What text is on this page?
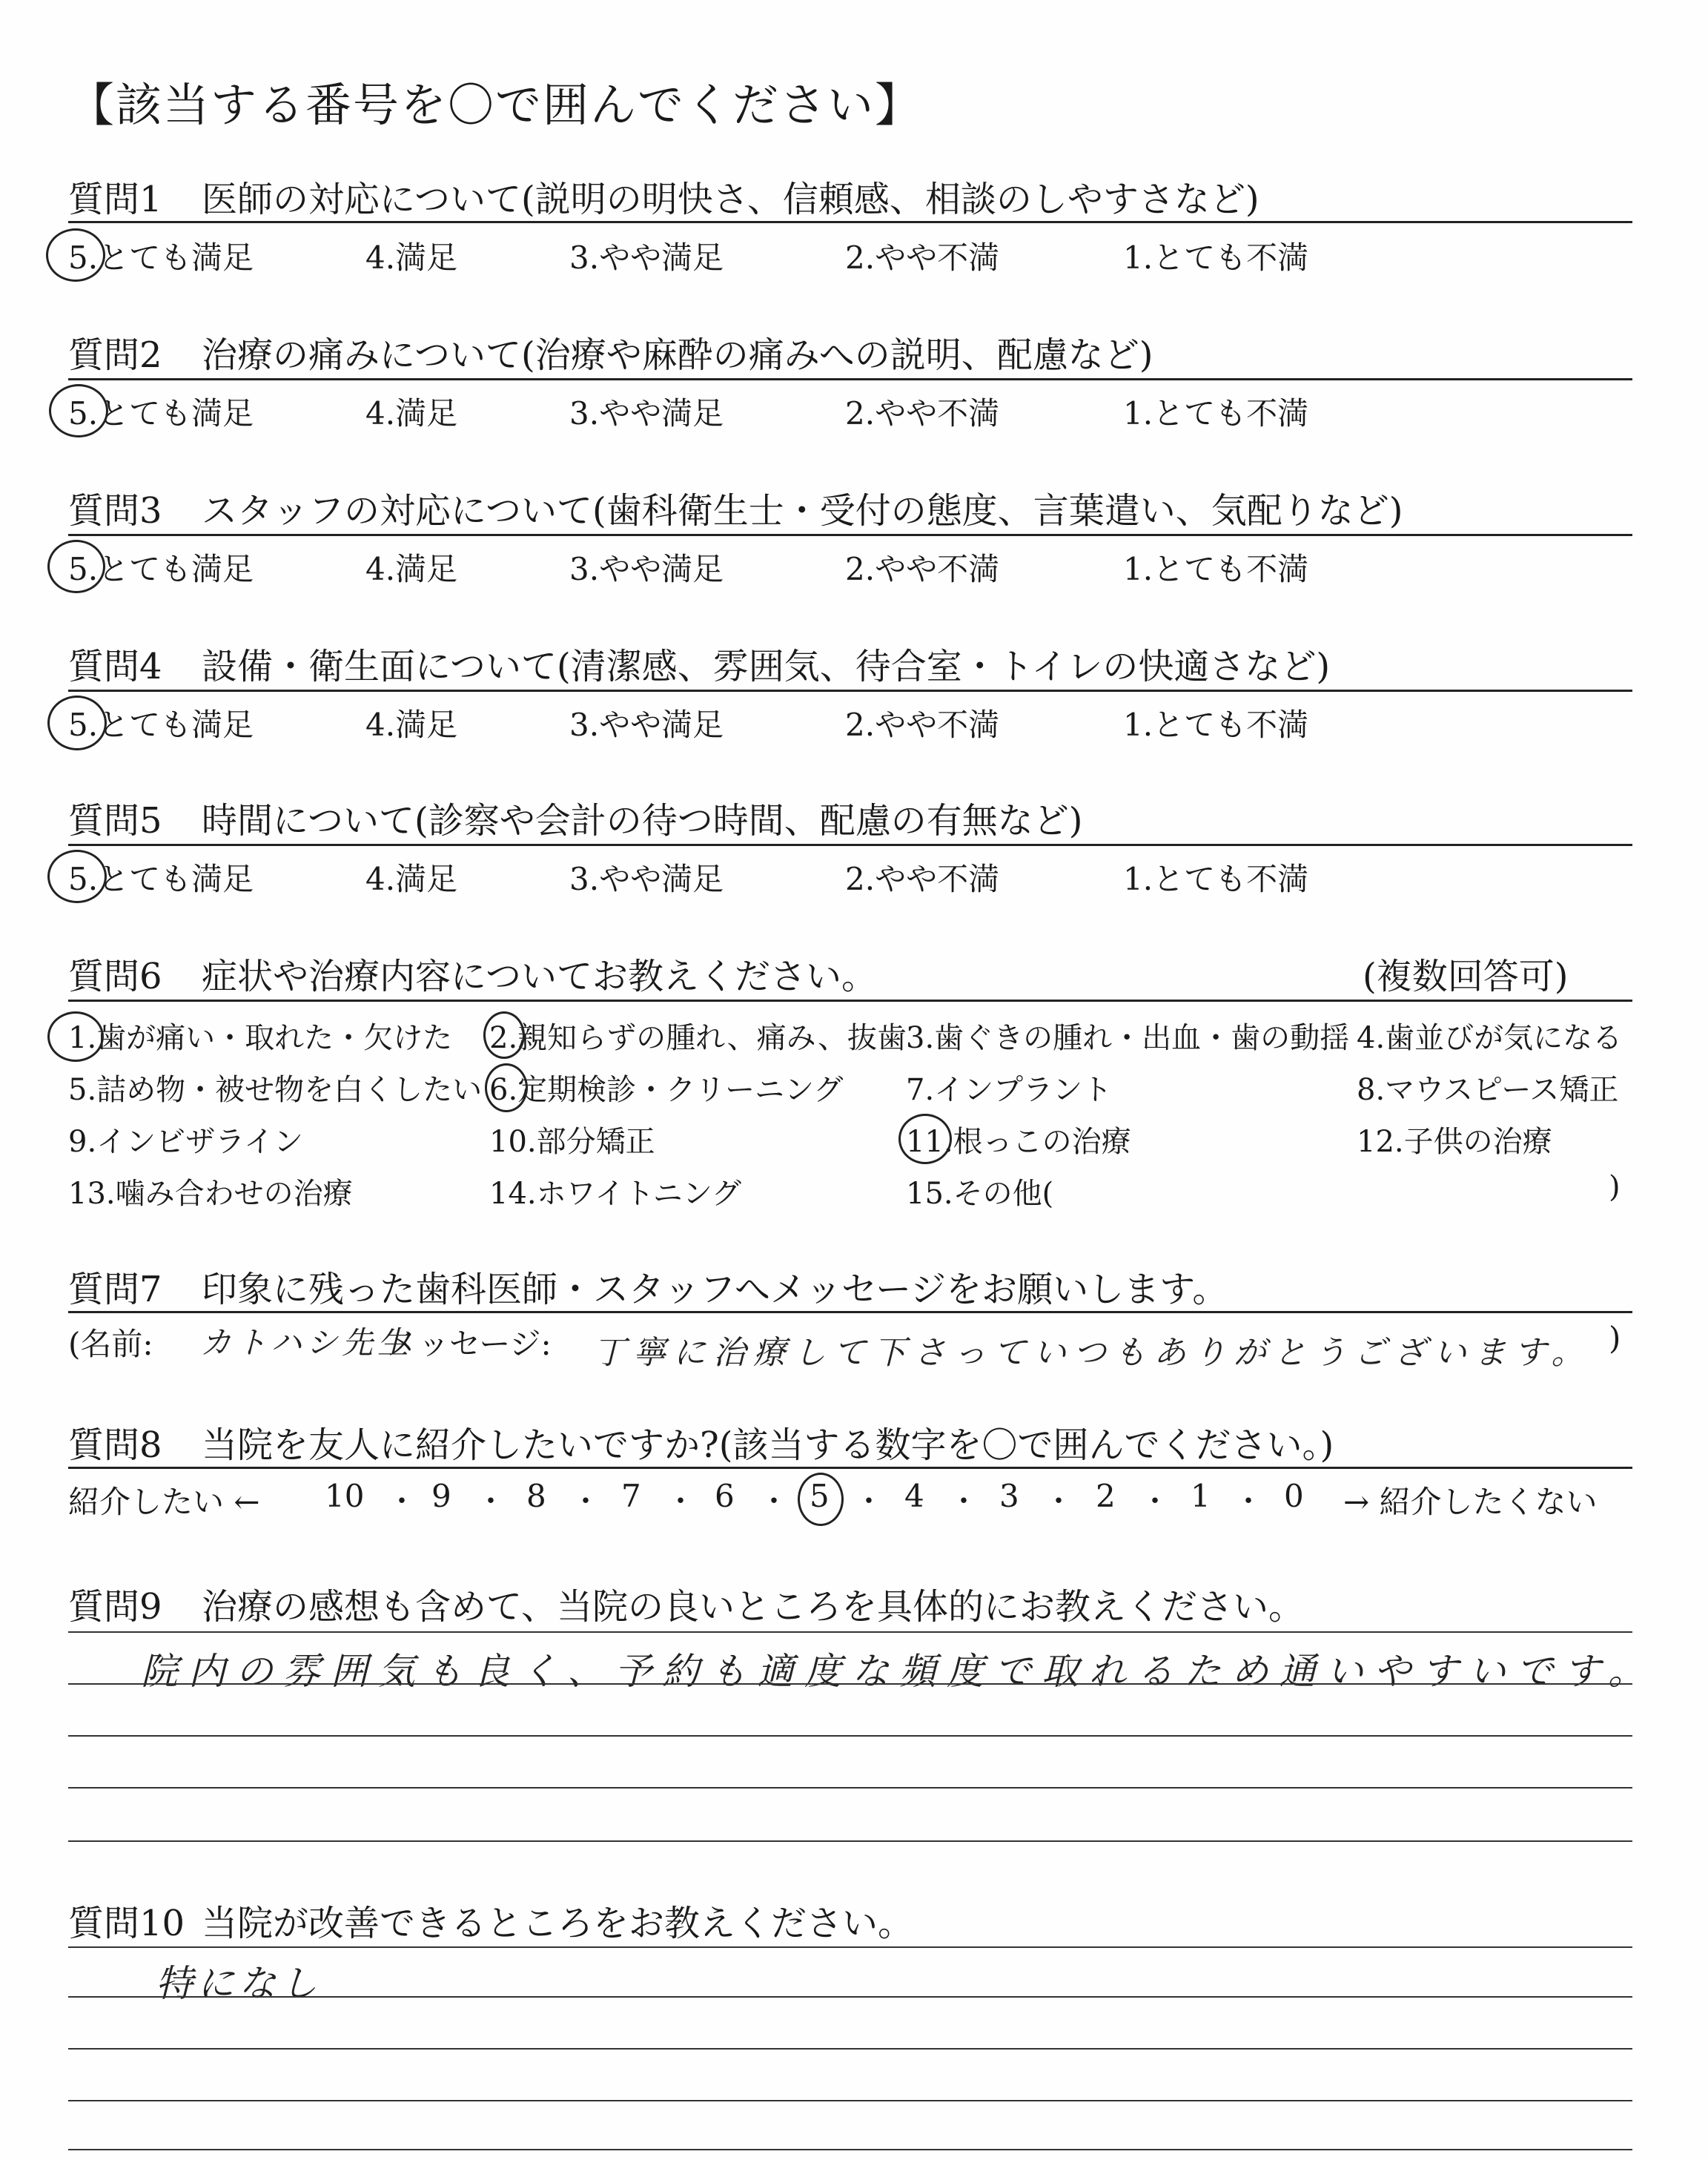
【該当する番号を〇で囲んでください】
質問1 医師の対応について(説明の明快さ、信頼感、相談のしやすさなど)
5.とても満足	4.満足	3.やや満足	2.やや不満	1.とても不満
質問2 治療の痛みについて(治療や麻酔の痛みへの説明、配慮など)
5.とても満足	4.満足	3.やや満足	2.やや不満	1.とても不満
質問3 スタッフの対応について(歯科衛生士・受付の態度、言葉遣い、気配りなど)
5.とても満足	4.満足	3.やや満足	2.やや不満	1.とても不満
質問4 設備・衛生面について(清潔感、雰囲気、待合室・トイレの快適さなど)
5.とても満足	4.満足	3.やや満足	2.やや不満	1.とても不満
質問5 時間について(診察や会計の待つ時間、配慮の有無など)
5.とても満足	4.満足	3.やや満足	2.やや不満	1.とても不満
質問6 症状や治療内容についてお教えください。	(複数回答可)
1.歯が痛い・取れた・欠けた 2.親知らずの腫れ、痛み、抜歯 3.歯ぐきの腫れ・出血・歯の動揺 4.歯並びが気になる
5.詰め物・被せ物を白くしたい 6.定期検診・クリーニング 7.インプラント	8.マウスピース矯正
9.インビザライン	10.部分矯正	11.根っこの治療	12.子供の治療
13.噛み合わせの治療	14.ホワイトニング	15.その他(	)
質問7 印象に残った歯科医師・スタッフへメッセージをお願いします。
(名前: カトハシ先生
メッセージ: 丁寧に治療して下さっていつもありがとうございます。 )
質問8 当院を友人に紹介したいですか?(該当する数字を〇で囲んでください。)
紹介したい ←	→ 紹介したくない
10 ・ 9 ・ 8 ・ 7 ・ 6 ・ 5 ・ 4 ・ 3 ・ 2 ・ 1 ・ 0
質問9 治療の感想も含めて、当院の良いところを具体的にお教えください。
院内の雰囲気も良く、予約も適度な頻度で取れるため通いやすいです。
質問10 当院が改善できるところをお教えください。
特になし
